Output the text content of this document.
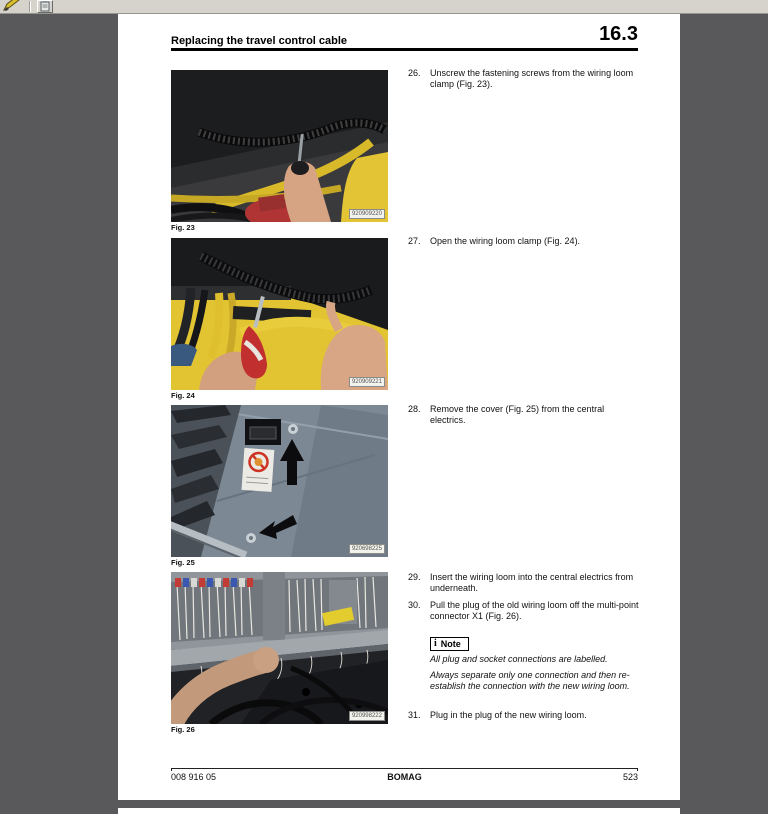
Replacing the travel control cable	16.3
920909220
Fig. 23
920909221
Fig. 24
920698225
Fig. 25
920998222
Fig. 26
26. Unscrew the fastening screws from the wiring loom clamp (Fig. 23).
27. Open the wiring loom clamp (Fig. 24).
28. Remove the cover (Fig. 25) from the central electrics.
29. Insert the wiring loom into the central electrics from underneath.
30. Pull the plug of the old wiring loom off the multi-point connector X1 (Fig. 26).
i Note
All plug and socket connections are labelled.
Always separate only one connection and then re-establish the connection with the new wiring loom.
31. Plug in the plug of the new wiring loom.
008 916 05	BOMAG	523
